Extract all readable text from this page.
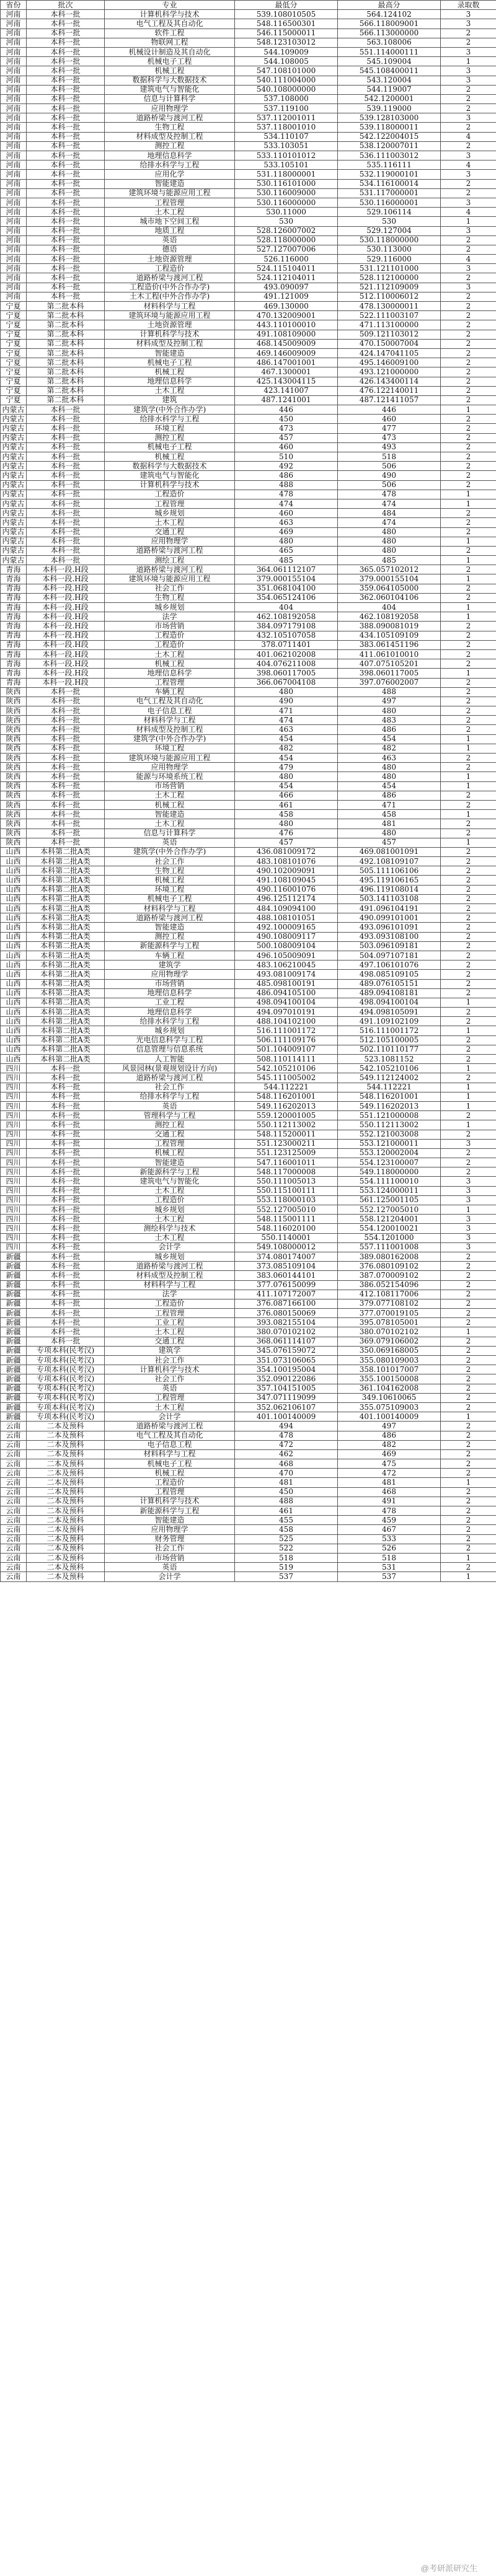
省份	批次	专业	最低分	最高分	录取数
河南	本科一批	计算机科学与技术	539.108010505	564.124102	3
河南	本科一批	电气工程及其自动化	548.116500301	566.118009001	3
河南	本科一批	软件工程	546.115000011	566.113000000	2
河南	本科一批	物联网工程	548.123103012	563.108006	2
河南	本科一批	机械设计制造及其自动化	544.109009	551.114000111	3
河南	本科一批	机械电子工程	544.108005	545.109004	1
河南	本科一批	机械工程	547.108101000	545.108400011	3
河南	本科一批	数据科学与大数据技术	540.111004000	543.120004	3
河南	本科一批	建筑电气与智能化	540.108000000	544.119007	2
河南	本科一批	信息与计算科学	537.108000	542.1200001	2
河南	本科一批	应用物理学	537.119100	539.119000	2
河南	本科一批	道路桥梁与渡河工程	537.112001011	539.128103000	3
河南	本科一批	生物工程	537.118001010	539.118000011	2
河南	本科一批	材料成型及控制工程	534.110107	542.122004015	4
河南	本科一批	测控工程	533.103051	538.120007011	2
河南	本科一批	地理信息科学	533.110101012	536.111003012	3
河南	本科一批	给排水科学与工程	533.105101	535.116111	4
河南	本科一批	应用化学	531.118000001	532.119000101	3
河南	本科一批	智能建造	530.116101000	534.116100014	2
河南	本科一批	建筑环境与能源应用工程	530.116009000	531.117000001	2
河南	本科一批	工程管理	530.116000000	530.116000001	3
河南	本科一批	土木工程	530.11000	529.106114	4
河南	本科一批	城市地下空间工程	530	530	1
河南	本科一批	地质工程	528.126007002	529.127004	3
河南	本科一批	英语	528.118000000	530.118000000	2
河南	本科一批	德语	527.127007006	530.113000	2
河南	本科一批	土地资源管理	526.116000	529.116000	4
河南	本科一批	工程造价	524.115104011	531.121101000	3
河南	本科一批	道路桥梁与渡河工程	524.112104011	528.112100000	2
河南	本科一批	工程造价(中外合作办学)	493.090097	521.112109009	3
河南	本科一批	土木工程(中外合作办学)	491.121009	512.110006012	2
宁夏	第二批本科	材料科学与工程	469.130000	478.130000011	2
宁夏	第二批本科	建筑环境与能源应用工程	470.132009001	522.111003107	2
宁夏	第二批本科	土地资源管理	443.110100010	471.113100000	2
宁夏	第二批本科	计算机科学与技术	491.108109000	509.121103012	2
宁夏	第二批本科	材料成型及控制工程	468.145009009	470.150007004	2
宁夏	第二批本科	智能建造	469.146009009	424.147041105	2
宁夏	第二批本科	机械电子工程	486.147001001	495.146009100	2
宁夏	第二批本科	机械工程	467.1300001	493.121000000	2
宁夏	第二批本科	地理信息科学	425.143004115	426.143400114	2
宁夏	第二批本科	土木工程	423.141007	476.122140011	2
宁夏	第二批本科	建筑	487.1241001	487.121411057	2
内蒙古	本科一批	建筑学(中外合作办学)	446	446	1
内蒙古	本科一批	给排水科学与工程	450	460	2
内蒙古	本科一批	环境工程	473	477	2
内蒙古	本科一批	测控工程	457	473	2
内蒙古	本科一批	机械电子工程	460	493	2
内蒙古	本科一批	机械工程	510	518	2
内蒙古	本科一批	数据科学与大数据技术	492	506	2
内蒙古	本科一批	建筑电气与智能化	486	490	2
内蒙古	本科一批	计算机科学与技术	488	506	2
内蒙古	本科一批	工程造价	478	478	1
内蒙古	本科一批	工程管理	474	474	1
内蒙古	本科一批	城乡规划	460	484	2
内蒙古	本科一批	土木工程	463	474	2
内蒙古	本科一批	交通工程	469	480	2
内蒙古	本科一批	应用物理学	480	480	1
内蒙古	本科一批	道路桥梁与渡河工程	465	480	2
内蒙古	本科一批	测绘工程	485	485	1
青海	本科一段.H段	道路桥梁与渡河工程	364.061112107	365.057102012	2
青海	本科一段.H段	建筑环境与能源应用工程	379.000155104	379.000155104	1
青海	本科一段.H段	社会工作	351.068104100	359.064105000	2
青海	本科一段.H段	生物工程	354.065124106	362.060104106	2
青海	本科一段.H段	城乡规划	404	404	1
青海	本科一段.H段	法学	462.108192058	462.108192058	1
青海	本科一段.H段	市场营销	384.097179108	388.090081019	2
青海	本科一段.H段	工程造价	432.105107058	434.105109109	2
青海	本科一段.H段	工程造价	378.0711401	383.061451196	2
青海	本科一段.H段	土木工程	401.062102008	411.061010010	2
青海	本科一段.H段	机械工程	404.076211008	407.075105201	2
青海	本科一段.H段	地理信息科学	398.060117005	398.060117005	1
青海	本科一段.H段	工程管理	366.067004108	397.076002007	2
陕西	本科一批	车辆工程	480	488	2
陕西	本科一批	电气工程及其自动化	490	497	2
陕西	本科一批	电子信息工程	471	480	2
陕西	本科一批	材料科学与工程	474	483	2
陕西	本科一批	材料成型及控制工程	463	486	2
陕西	本科一批	建筑学(中外合作办学)	454	454	1
陕西	本科一批	环境工程	482	482	1
陕西	本科一批	建筑环境与能源应用工程	454	463	2
陕西	本科一批	应用物理学	479	480	2
陕西	本科一批	能源与环境系统工程	480	480	1
陕西	本科一批	市场营销	454	454	1
陕西	本科一批	土木工程	466	486	2
陕西	本科一批	机械工程	461	471	2
陕西	本科一批	智能建造	458	458	1
陕西	本科一批	土木工程	480	481	2
陕西	本科一批	信息与计算科学	476	480	2
陕西	本科一批	英语	457	457	1
山西	本科第二批A类	建筑学(中外合作办学)	436.081009172	469.081001091	2
山西	本科第二批A类	社会工作	483.108101076	492.108109107	2
山西	本科第二批A类	生物工程	490.102009091	505.111106106	2
山西	本科第二批A类	机械工程	491.108109045	495.119106165	2
山西	本科第二批A类	环境工程	490.116001076	496.119108014	2
山西	本科第二批A类	机械电子工程	496.125112174	503.141103108	2
山西	本科第二批A类	材料科学与工程	484.109094100	491.096104191	2
山西	本科第二批A类	道路桥梁与渡河工程	488.108101051	490.099101001	2
山西	本科第二批A类	智能建造	492.100009165	493.096101091	2
山西	本科第二批A类	测控工程	490.108009117	493.093108100	2
山西	本科第二批A类	新能源科学与工程	500.108009104	503.096109181	2
山西	本科第二批A类	车辆工程	496.105009091	504.097107181	2
山西	本科第二批A类	建筑学	483.106210045	497.106101076	2
山西	本科第二批A类	应用物理学	493.081009174	498.085109105	2
山西	本科第二批A类	市场营销	485.098100191	489.076105151	2
山西	本科第二批A类	地理信息科学	486.094105100	489.094108181	2
山西	本科第二批A类	工业工程	498.094100104	498.094100104	1
山西	本科第二批A类	地理信息科学	494.097010191	494.098105091	2
山西	本科第二批A类	给排水科学与工程	488.104102100	491.109102109	2
山西	本科第二批A类	城乡规划	516.111001172	516.111001172	1
山西	本科第二批A类	光电信息科学与工程	506.111109176	512.105100005	2
山西	本科第二批A类	信息管理与信息系统	501.104009107	502.110110177	2
山西	本科第二批A类	人工智能	508.110114111	523.1081152	2
四川	本科一批	风景园林(景观规划设计方向)	542.105210106	542.105210106	1
四川	本科一批	道路桥梁与渡河工程	545.111005002	549.112124002	2
四川	本科一批	社会工作	544.112221	544.112221	1
四川	本科一批	给排水科学与工程	548.116201001	548.116201001	1
四川	本科一批	英语	549.116202013	549.116202013	1
四川	本科一批	管理科学与工程	559.120001005	551.121000008	2
四川	本科一批	测控工程	550.112113002	550.112113002	1
四川	本科一批	交通工程	548.115200011	552.121003008	2
四川	本科一批	工程管理	551.123000211	553.121000011	3
四川	本科一批	机械工程	551.123125009	553.120002004	2
四川	本科一批	智能建造	547.116001011	554.123100007	2
四川	本科一批	新能源科学与工程	548.117000008	549.118000000	2
四川	本科一批	建筑电气与智能化	550.111005013	554.111100010	3
四川	本科一批	土木工程	550.115100111	553.124000011	3
四川	本科一批	工程造价	553.118000103	561.125001105	3
四川	本科一批	城乡规划	552.127005010	552.127005010	1
四川	本科一批	土木工程	548.115001111	558.121204001	3
四川	本科一批	测绘科学与技术	548.116020100	554.120010021	3
四川	本科一批	土木工程	550.1140001	554.1201000	3
四川	本科一批	会计学	549.108000012	557.111001008	3
新疆	本科一批	城乡规划	374.080174007	389.080162008	2
新疆	本科一批	道路桥梁与渡河工程	373.085109104	376.080109102	2
新疆	本科一批	材料成型及控制工程	383.060144101	387.070009102	2
新疆	本科一批	材料科学与工程	377.076150099	386.052154096	2
新疆	本科一批	法学	411.107172007	412.108117006	2
新疆	本科一批	工程造价	376.087166100	379.077108102	2
新疆	本科一批	工程管理	376.080150069	377.070019105	2
新疆	本科一批	工业工程	393.082155104	395.078105001	2
新疆	本科一批	土木工程	380.070102102	380.070102102	1
新疆	本科一批	交通工程	368.061114107	369.079106002	2
新疆	专项本科(民考汉)	建筑学	345.076159072	350.069168005	2
新疆	专项本科(民考汉)	社会工作	351.073106065	355.080109003	2
新疆	专项本科(民考汉)	计算机科学与技术	354.100195004	358.101017007	2
新疆	专项本科(民考汉)	社会工作	352.090122086	355.100150008	2
新疆	专项本科(民考汉)	英语	357.104151005	361.104162008	2
新疆	专项本科(民考汉)	工程管理	347.071119099	349.10610065	2
新疆	专项本科(民考汉)	土木工程	352.062106107	355.075109003	2
新疆	专项本科(民考汉)	会计学	401.100140009	401.100140009	1
云南	二本及预科	道路桥梁与渡河工程	494	497	2
云南	二本及预科	电气工程及其自动化	478	486	2
云南	二本及预科	电子信息工程	472	482	2
云南	二本及预科	材料科学与工程	462	469	2
云南	二本及预科	机械电子工程	468	475	2
云南	二本及预科	机械工程	470	472	2
云南	二本及预科	工程造价	481	481	1
云南	二本及预科	工程管理	450	468	2
云南	二本及预科	计算机科学与技术	488	491	2
云南	二本及预科	新能源科学与工程	461	478	2
云南	二本及预科	智能建造	455	459	2
云南	二本及预科	应用物理学	458	467	2
云南	二本及预科	财务管理	525	533	2
云南	二本及预科	社会工作	522	526	2
云南	二本及预科	市场营销	518	518	1
云南	二本及预科	英语	519	531	2
云南	二本及预科	会计学	537	537	1
@考研派研究生
